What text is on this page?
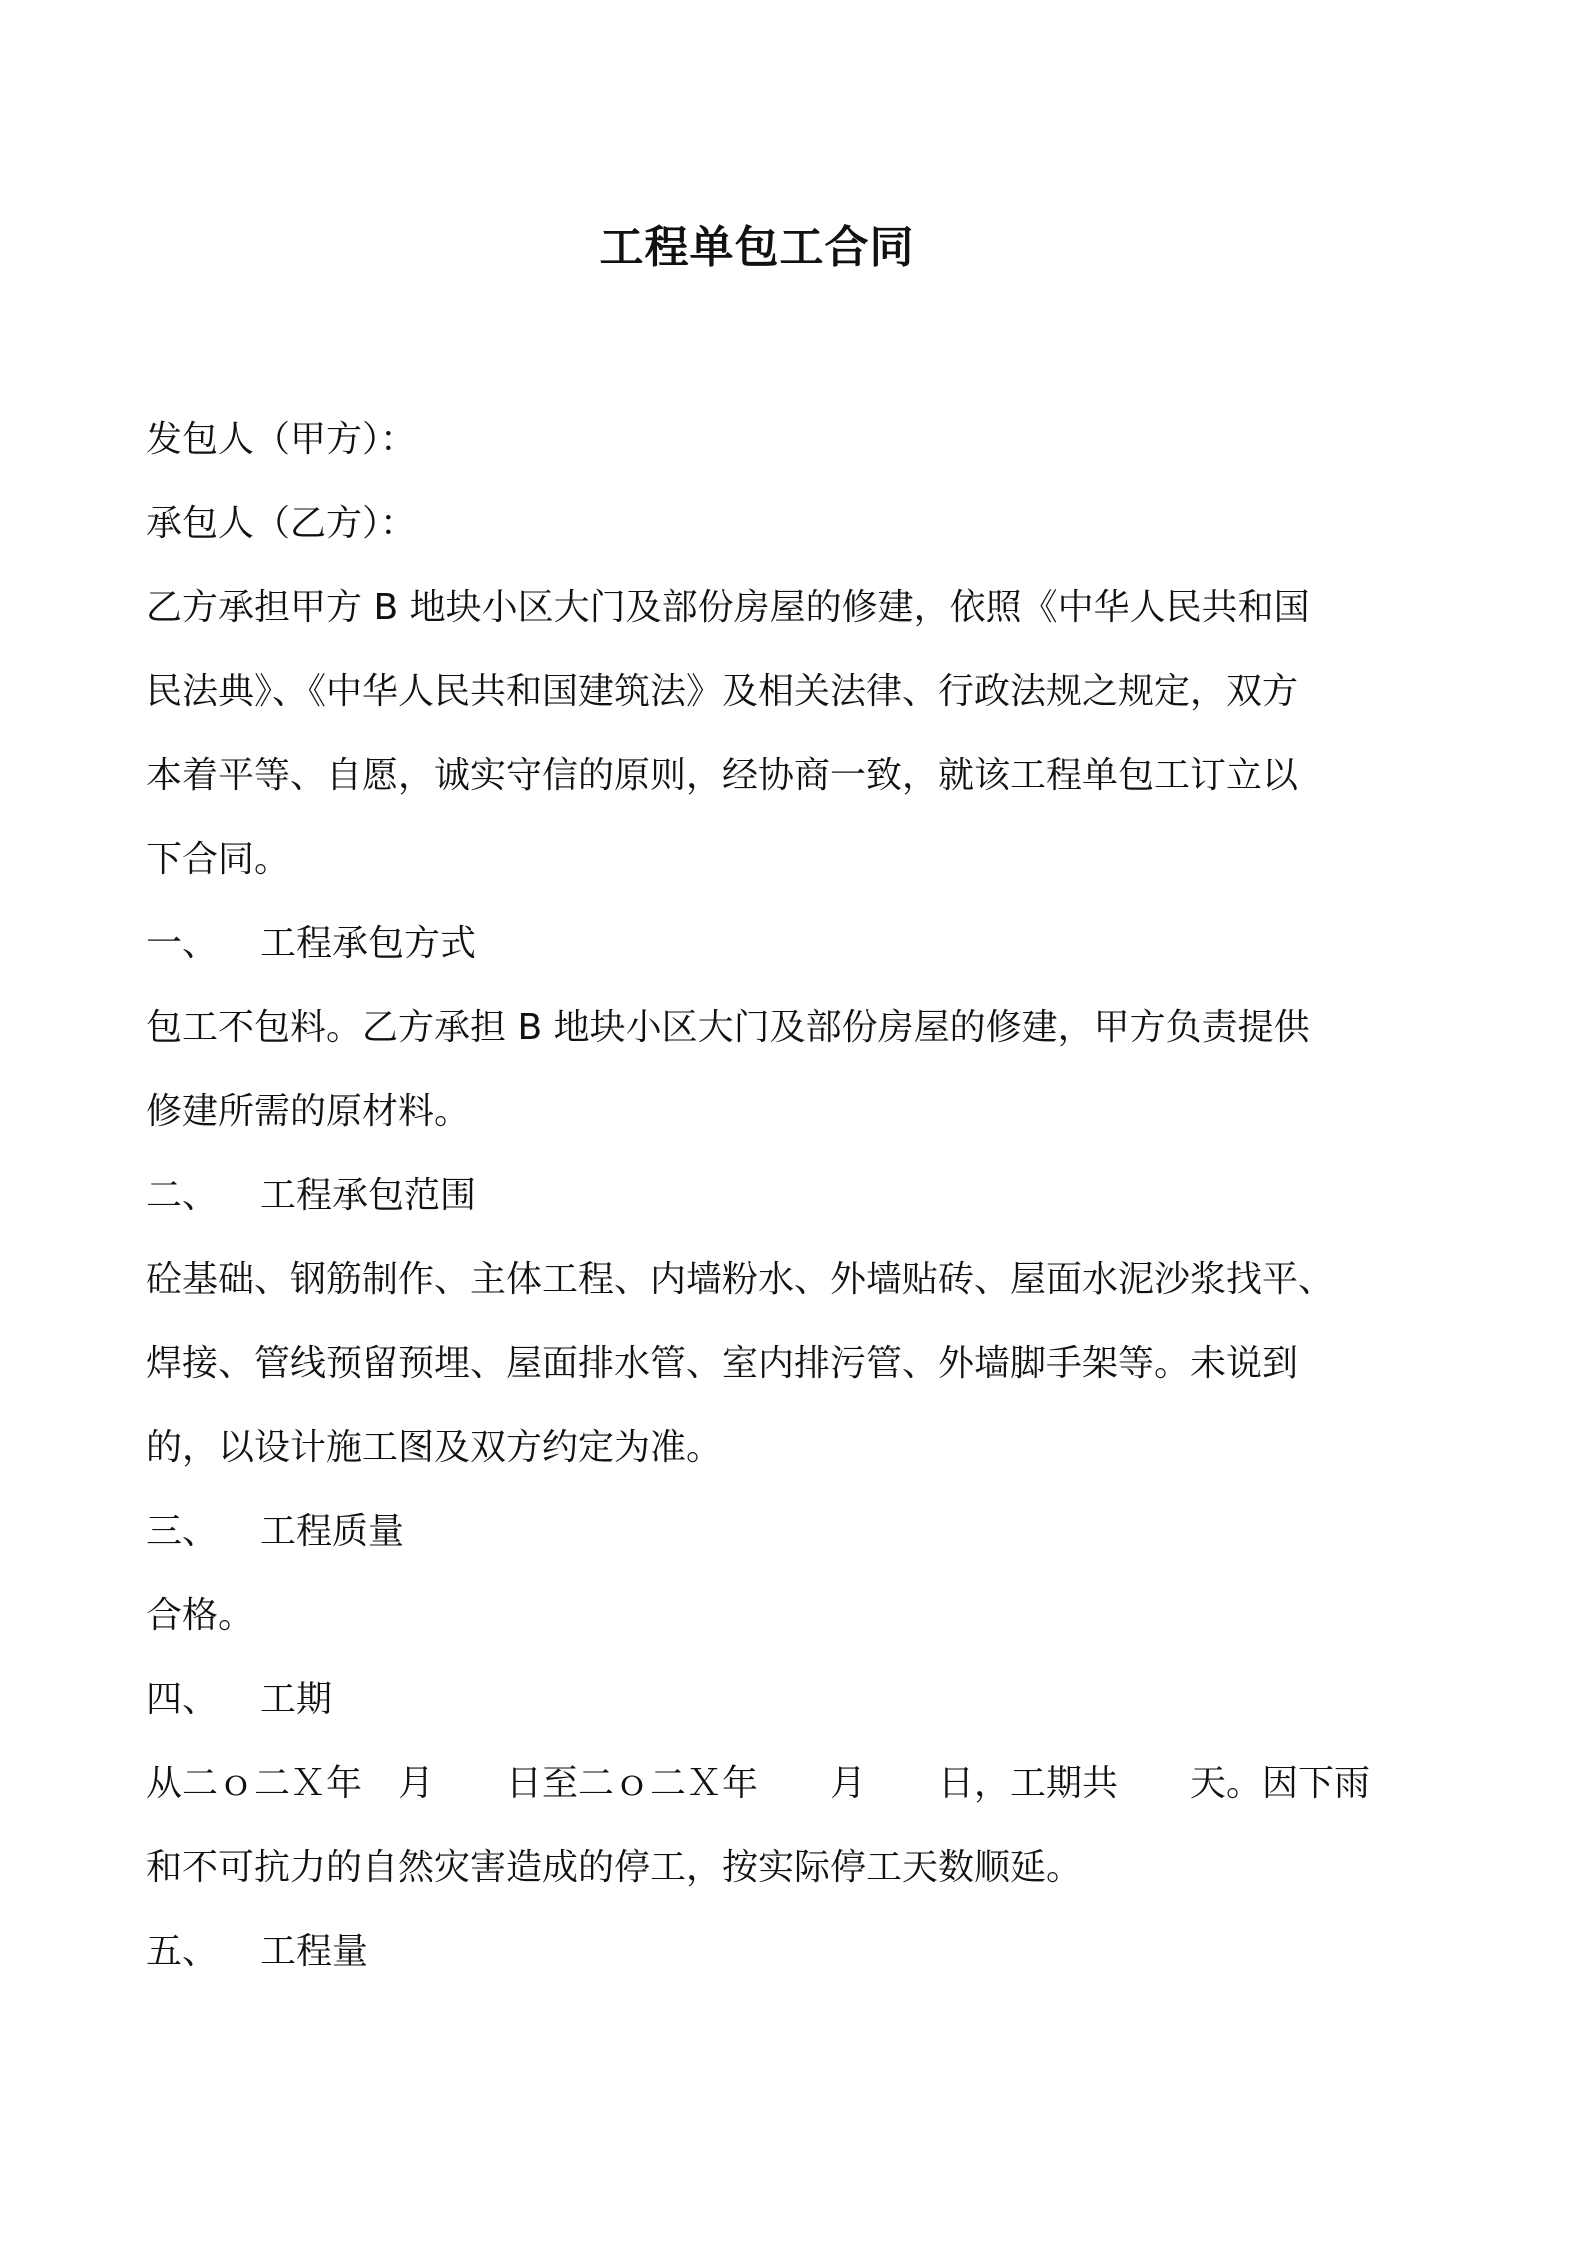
工程单包工合同
发包人（甲方）：
承包人（乙方）：
乙方承担甲方 B 地块小区大门及部份房屋的修建，依照《中华人民共和国
民法典》、《中华人民共和国建筑法》及相关法律、行政法规之规定，双方
本着平等、自愿，诚实守信的原则，经协商一致，就该工程单包工订立以
下合同。
一、	工程承包方式
包工不包料。乙方承担 B 地块小区大门及部份房屋的修建，甲方负责提供
修建所需的原材料。
二、	工程承包范围
砼基础、钢筋制作、主体工程、内墙粉水、外墙贴砖、屋面水泥沙浆找平、
焊接、管线预留预埋、屋面排水管、室内排污管、外墙脚手架等。未说到
的，以设计施工图及双方约定为准。
三、	工程质量
合格。
四、	工期
从二ｏ二Ｘ年　月　　日至二ｏ二Ｘ年　　月　　日，工期共　　天。因下雨
和不可抗力的自然灾害造成的停工，按实际停工天数顺延。
五、	工程量
